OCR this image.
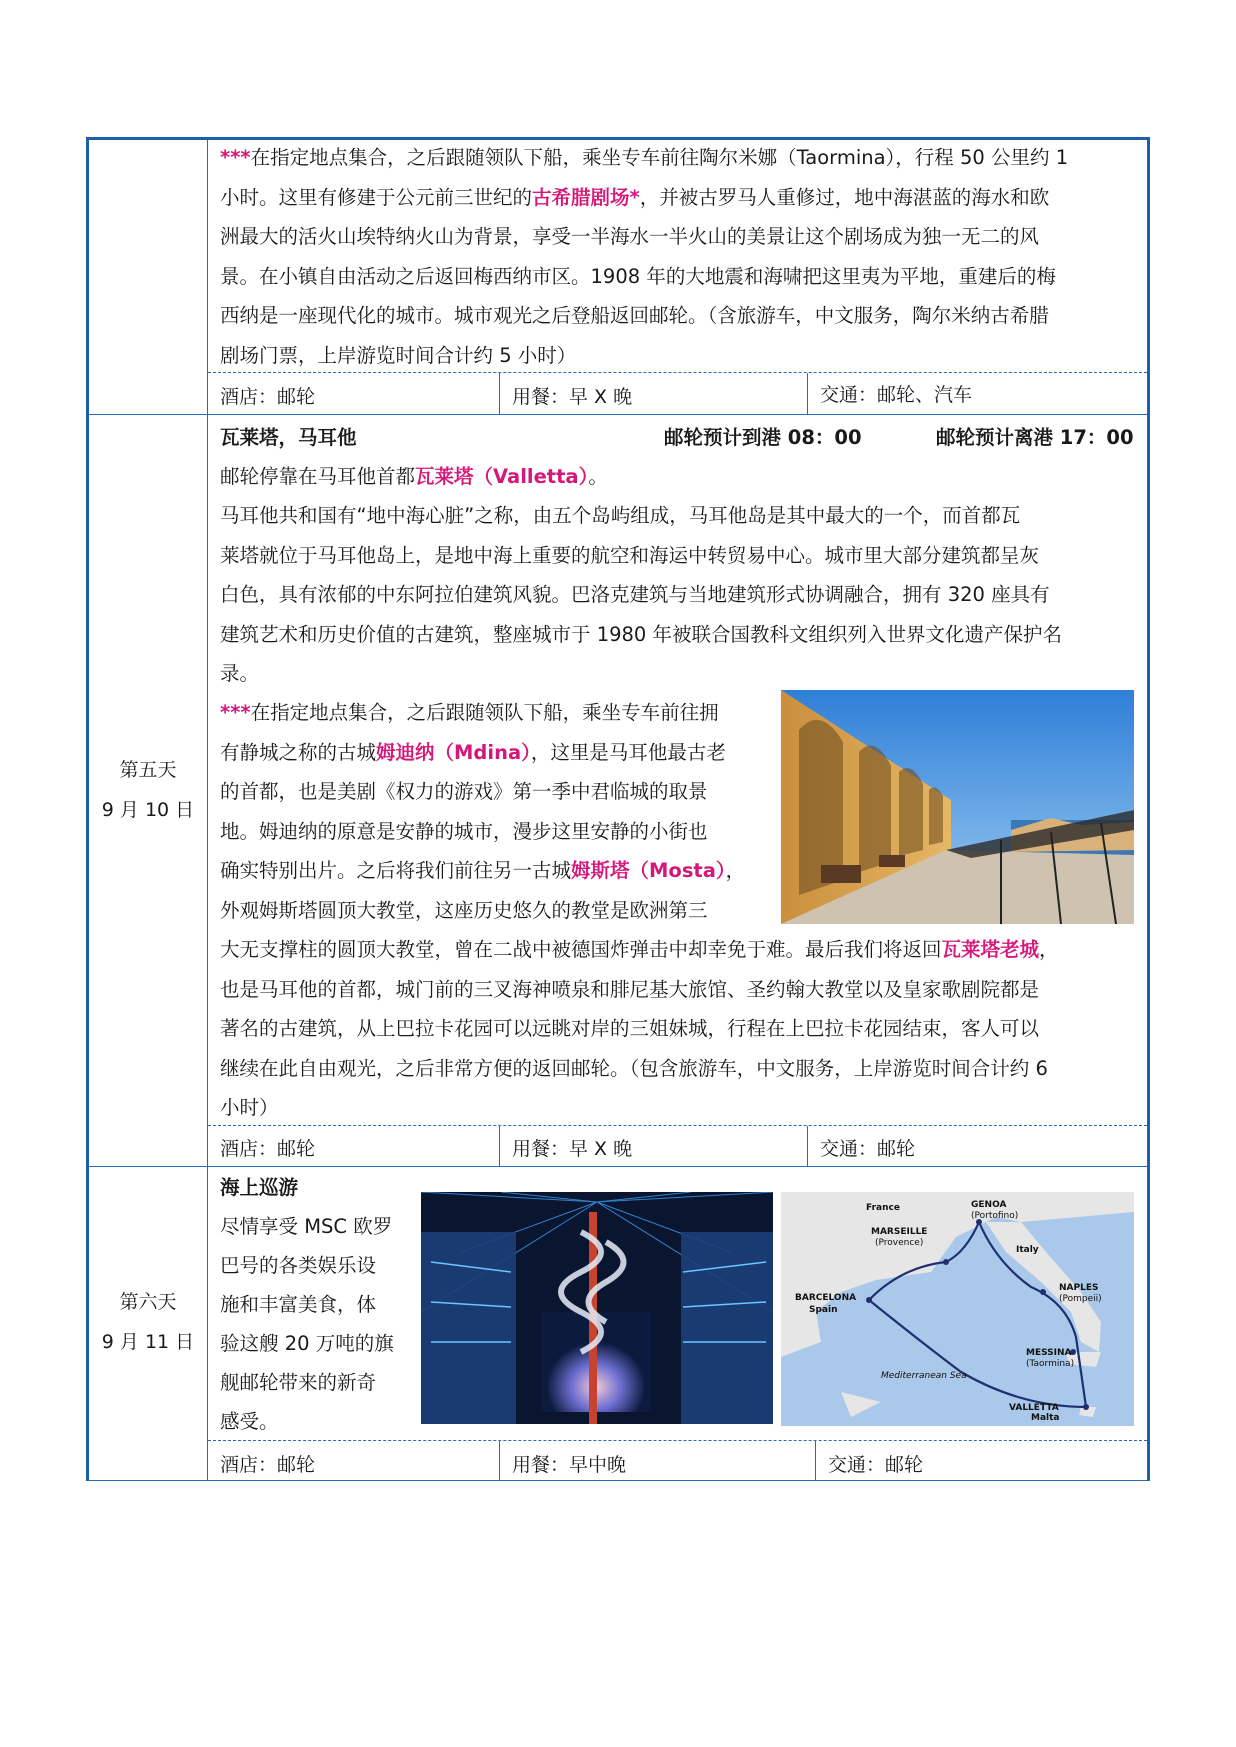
***在指定地点集合，之后跟随领队下船，乘坐专车前往陶尔米娜（Taormina），行程 50 公里约 1
小时。这里有修建于公元前三世纪的古希腊剧场*，并被古罗马人重修过，地中海湛蓝的海水和欧
洲最大的活火山埃特纳火山为背景，享受一半海水一半火山的美景让这个剧场成为独一无二的风
景。在小镇自由活动之后返回梅西纳市区。1908 年的大地震和海啸把这里夷为平地，重建后的梅
西纳是一座现代化的城市。城市观光之后登船返回邮轮。（含旅游车，中文服务，陶尔米纳古希腊
剧场门票，上岸游览时间合计约 5 小时）
酒店：邮轮	用餐：早 X 晚	交通：邮轮、汽车
第五天
9 月 10 日
瓦莱塔，马耳他	邮轮预计到港 08：00	邮轮预计离港 17：00
邮轮停靠在马耳他首都瓦莱塔（Valletta）。
马耳他共和国有“地中海心脏”之称，由五个岛屿组成，马耳他岛是其中最大的一个，而首都瓦
莱塔就位于马耳他岛上，是地中海上重要的航空和海运中转贸易中心。城市里大部分建筑都呈灰
白色，具有浓郁的中东阿拉伯建筑风貌。巴洛克建筑与当地建筑形式协调融合，拥有 320 座具有
建筑艺术和历史价值的古建筑，整座城市于 1980 年被联合国教科文组织列入世界文化遗产保护名
录。
***在指定地点集合，之后跟随领队下船，乘坐专车前往拥
有静城之称的古城姆迪纳（Mdina），这里是马耳他最古老
的首都，也是美剧《权力的游戏》第一季中君临城的取景
地。姆迪纳的原意是安静的城市，漫步这里安静的小街也
确实特别出片。之后将我们前往另一古城姆斯塔（Mosta），
外观姆斯塔圆顶大教堂，这座历史悠久的教堂是欧洲第三
大无支撑柱的圆顶大教堂，曾在二战中被德国炸弹击中却幸免于难。最后我们将返回瓦莱塔老城，
也是马耳他的首都，城门前的三叉海神喷泉和腓尼基大旅馆、圣约翰大教堂以及皇家歌剧院都是
著名的古建筑，从上巴拉卡花园可以远眺对岸的三姐妹城，行程在上巴拉卡花园结束，客人可以
继续在此自由观光，之后非常方便的返回邮轮。（包含旅游车，中文服务，上岸游览时间合计约 6
小时）
酒店：邮轮	用餐：早 X 晚	交通：邮轮
第六天
9 月 11 日
海上巡游
尽情享受 MSC 欧罗
巴号的各类娱乐设
施和丰富美食，体
验这艘 20 万吨的旗
舰邮轮带来的新奇
感受。
France
Italy
GENOA
(Portofino)
MARSEILLE
(Provence)
BARCELONA
Spain
NAPLES
(Pompeii)
MESSINA
(Taormina)
VALLETTA
Malta
Mediterranean Sea
酒店：邮轮	用餐：早中晚	交通：邮轮
